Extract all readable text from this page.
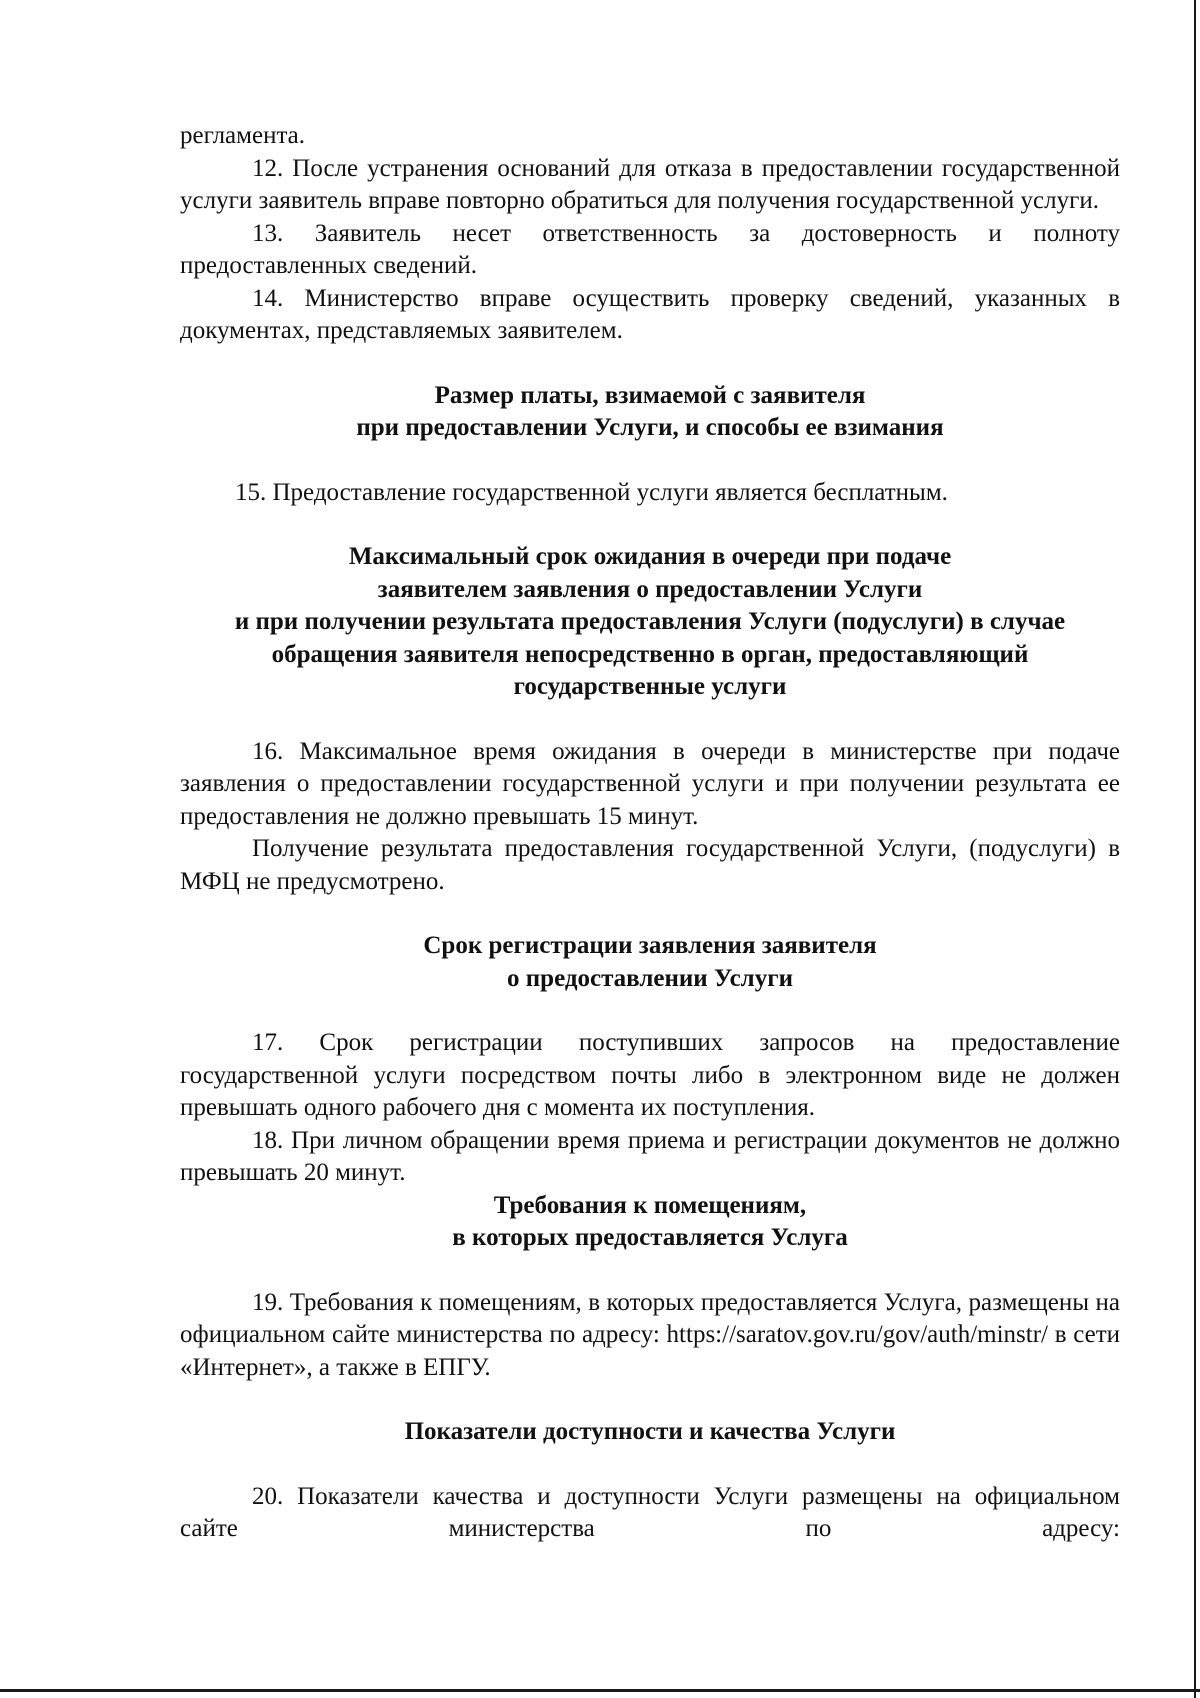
регламента.

12. После устранения оснований для отказа в предоставлении государственной услуги заявитель вправе повторно обратиться для получения государственной услуги.

13. Заявитель несет ответственность за достоверность и полноту предоставленных сведений.

14. Министерство вправе осуществить проверку сведений, указанных в документах, представляемых заявителем.

Размер платы, взимаемой с заявителя

при предоставлении Услуги, и способы ее взимания

15. Предоставление государственной услуги является бесплатным.

Максимальный срок ожидания в очереди при подаче

заявителем заявления о предоставлении Услуги

и при получении результата предоставления Услуги (подуслуги) в случае

обращения заявителя непосредственно в орган, предоставляющий

государственные услуги

16. Максимальное время ожидания в очереди в министерстве при подаче заявления о предоставлении государственной услуги и при получении результата ее предоставления не должно превышать 15 минут.

Получение результата предоставления государственной Услуги, (подуслуги) в МФЦ не предусмотрено.

Срок регистрации заявления заявителя

о предоставлении Услуги

17. Срок регистрации поступивших запросов на предоставление государственной услуги посредством почты либо в электронном виде не должен превышать одного рабочего дня с момента их поступления.

18. При личном обращении время приема и регистрации документов не должно превышать 20 минут.

Требования к помещениям,

в которых предоставляется Услуга

19. Требования к помещениям, в которых предоставляется Услуга, размещены на официальном сайте министерства по адресу: https://saratov.gov.ru/gov/auth/minstr/ в сети «Интернет», а также в ЕПГУ.

Показатели доступности и качества Услуги

20. Показатели качества и доступности Услуги размещены на официальном сайте министерства по адресу:
